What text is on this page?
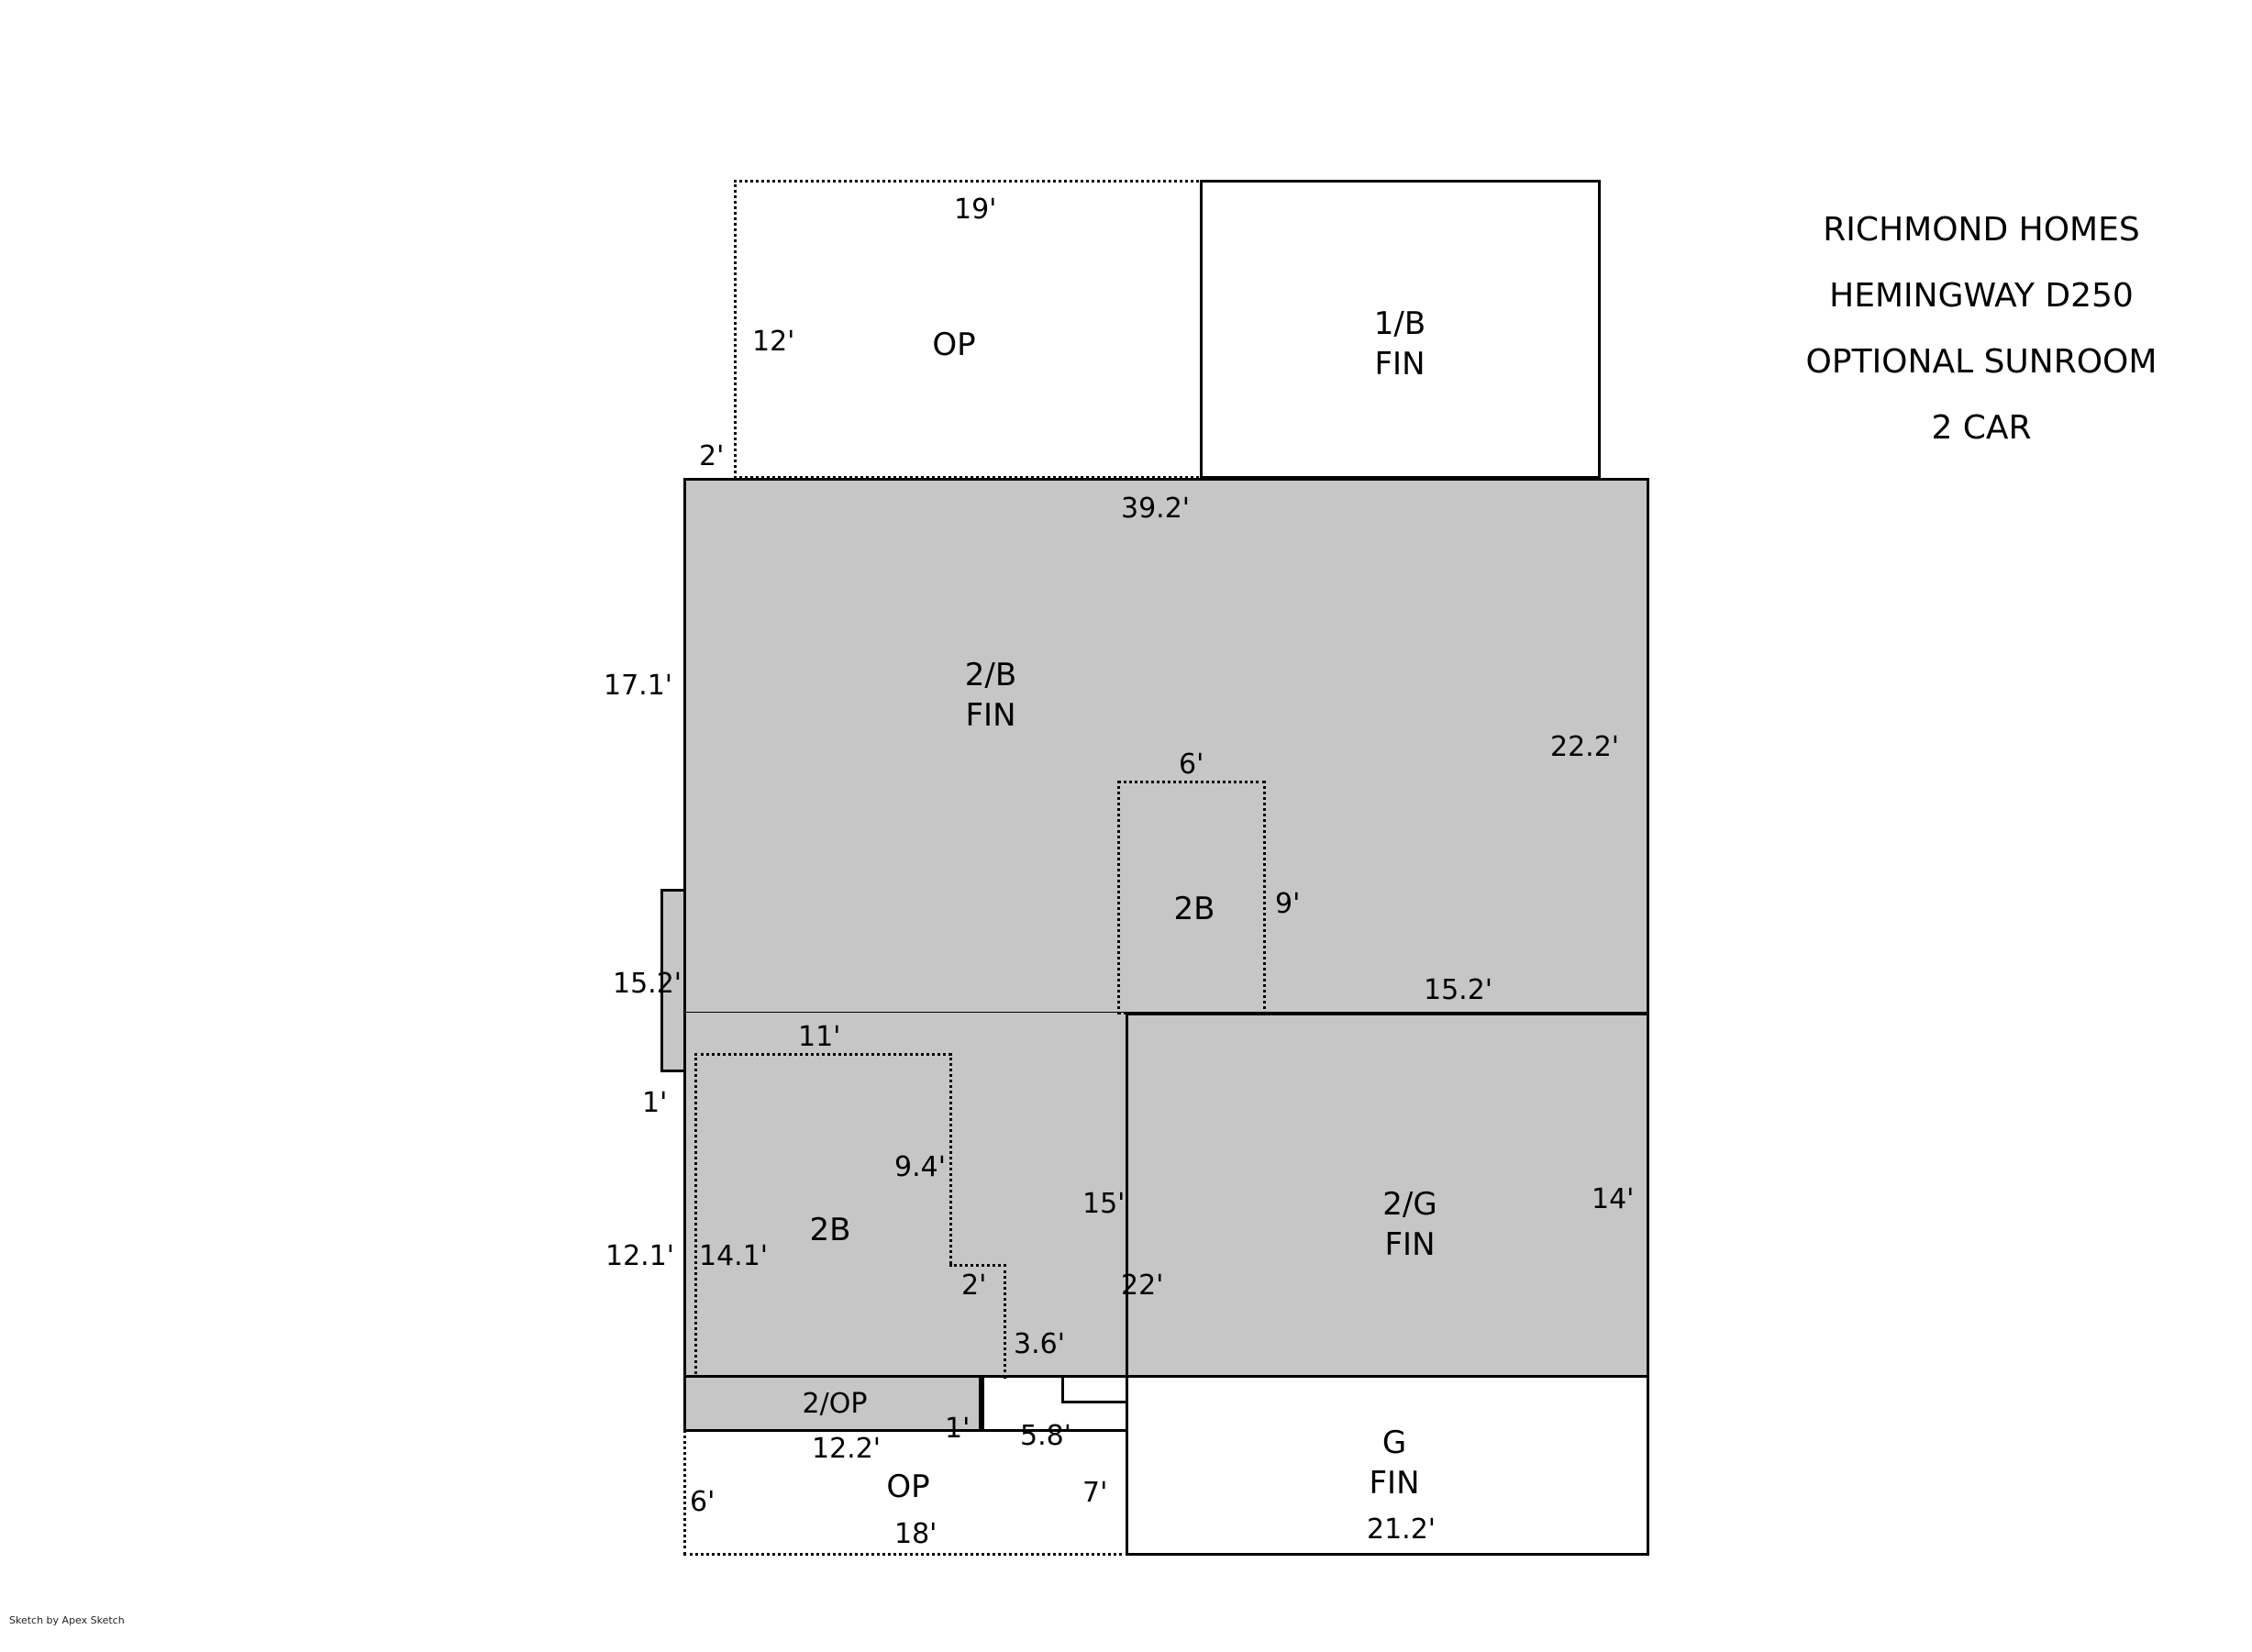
RICHMOND HOMES
HEMINGWAY D250
OPTIONAL SUNROOM
2 CAR
OP
1/B
FIN
19'
12'
2'
2/B
FIN
39.2'
17.1'
22.2'
2B
6'
9'
15.2'
15.2'
1'
2B
11'
9.4'
2'
3.6'
15'
22'
12.1' 14.1'
14'
2/G
FIN
2/OP
1' 5.8'
OP
12.2'
6'
18'
7'
G
FIN
21.2'
Sketch by Apex Sketch
